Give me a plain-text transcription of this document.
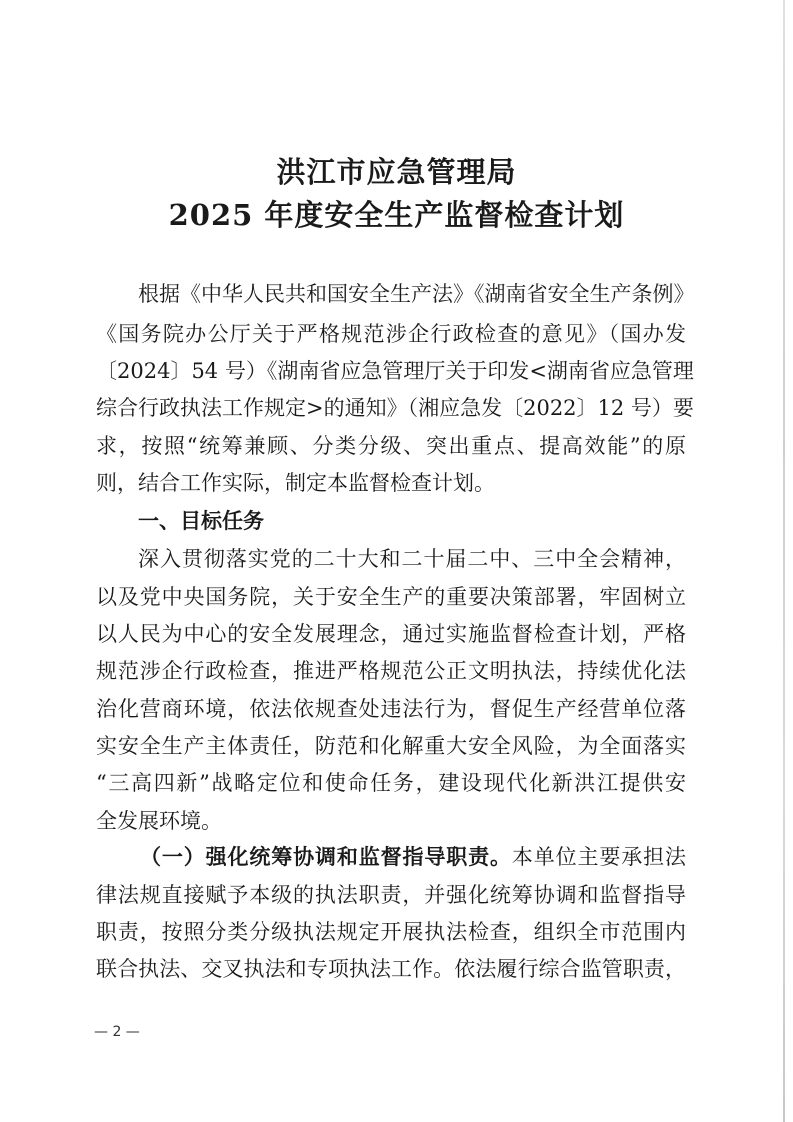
洪江市应急管理局
2025 年度安全生产监督检查计划
根据《中华人民共和国安全生产法》《湖南省安全生产条例》
《国务院办公厅关于严格规范涉企行政检查的意见》（国办发
〔2024〕54 号）《湖南省应急管理厅关于印发<湖南省应急管理
综合行政执法工作规定>的通知》（湘应急发〔2022〕12 号）要
求，按照“统筹兼顾、分类分级、突出重点、提高效能”的原
则，结合工作实际，制定本监督检查计划。
一、目标任务
深入贯彻落实党的二十大和二十届二中、三中全会精神，
以及党中央国务院，关于安全生产的重要决策部署，牢固树立
以人民为中心的安全发展理念，通过实施监督检查计划，严格
规范涉企行政检查，推进严格规范公正文明执法，持续优化法
治化营商环境，依法依规查处违法行为，督促生产经营单位落
实安全生产主体责任，防范和化解重大安全风险，为全面落实
“三高四新”战略定位和使命任务，建设现代化新洪江提供安
全发展环境。
（一）强化统筹协调和监督指导职责。本单位主要承担法
律法规直接赋予本级的执法职责，并强化统筹协调和监督指导
职责，按照分类分级执法规定开展执法检查，组织全市范围内
联合执法、交叉执法和专项执法工作。依法履行综合监管职责，
— 2 —
